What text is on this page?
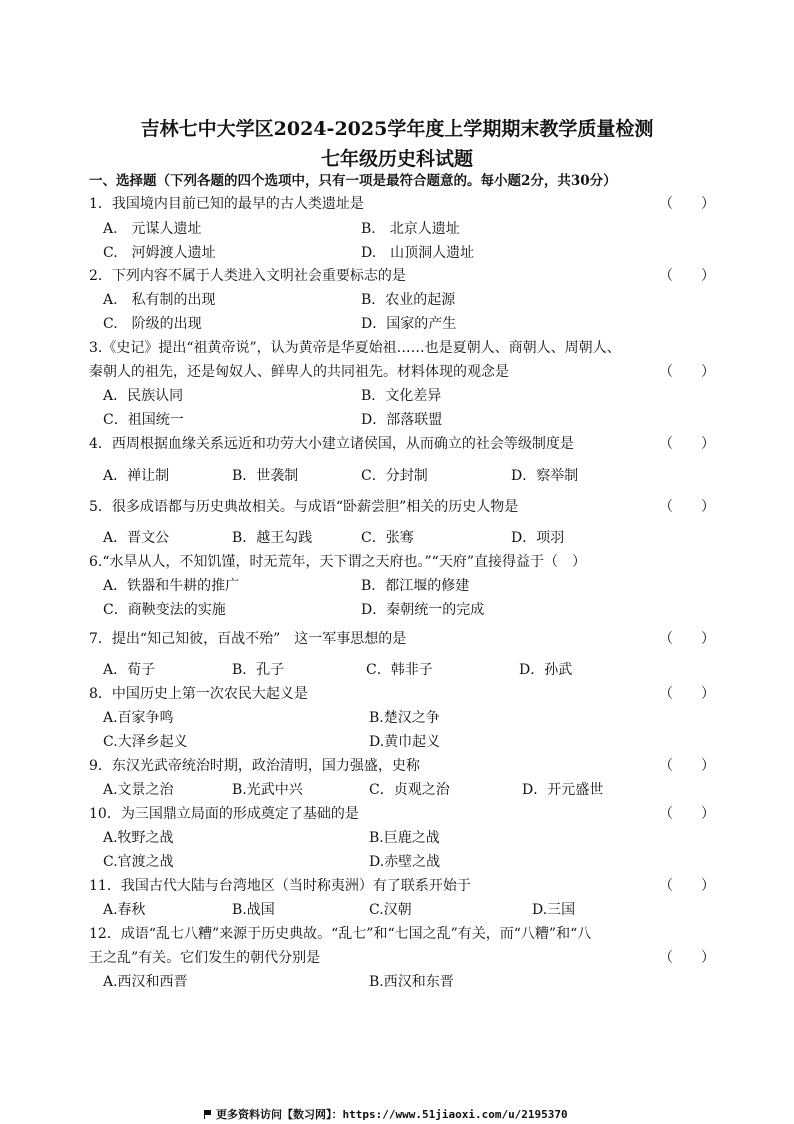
吉林七中大学区2024-2025学年度上学期期末教学质量检测
七年级历史科试题
一、选择题（下列各题的四个选项中，只有一项是最符合题意的。每小题2分，共30分）
1．我国境内目前已知的最早的古人类遗址是	（　　）
A.　元谋人遗址	B.　北京人遗址
C.　河姆渡人遗址	D.　山顶洞人遗址
2．下列内容不属于人类进入文明社会重要标志的是	（　　）
A.　私有制的出现	B．农业的起源
C.　阶级的出现	D．国家的产生
3.《史记》提出“祖黄帝说”，认为黄帝是华夏始祖……也是夏朝人、商朝人、周朝人、
秦朝人的祖先，还是匈奴人、鲜卑人的共同祖先。材料体现的观念是	（　　）
A．民族认同	B．文化差异
C．祖国统一	D．部落联盟
4．西周根据血缘关系远近和功劳大小建立诸侯国，从而确立的社会等级制度是	（　　）
A．禅让制	B．世袭制	C．分封制	D．察举制
5．很多成语都与历史典故相关。与成语“卧薪尝胆”相关的历史人物是	（　　）
A．晋文公	B．越王勾践	C．张骞	D．项羽
6.“水旱从人，不知饥馑，时无荒年，天下谓之天府也。”“天府”直接得益于（　）
A．铁器和牛耕的推广	B．都江堰的修建
C．商鞅变法的实施	D．秦朝统一的完成
7．提出“知己知彼，百战不殆”　这一军事思想的是	（　　）
A．荀子	B．孔子	C．韩非子	D．孙武
8．中国历史上第一次农民大起义是	（　　）
A.百家争鸣	B.楚汉之争
C.大泽乡起义	D.黄巾起义
9．东汉光武帝统治时期，政治清明，国力强盛，史称	（　　）
A.文景之治	B.光武中兴	C．贞观之治	D．开元盛世
10．为三国鼎立局面的形成奠定了基础的是	（　　）
A.牧野之战	B.巨鹿之战
C.官渡之战	D.赤壁之战
11．我国古代大陆与台湾地区（当时称夷洲）有了联系开始于	（　　）
A.春秋	B.战国	C.汉朝	D.三国
12．成语“乱七八糟”来源于历史典故。“乱七”和“七国之乱”有关，而“八糟”和“八
王之乱”有关。它们发生的朝代分别是	（　　）
A.西汉和西晋	B.西汉和东晋
更多资料访问【数习网】：https://www.51jiaoxi.com/u/2195370
